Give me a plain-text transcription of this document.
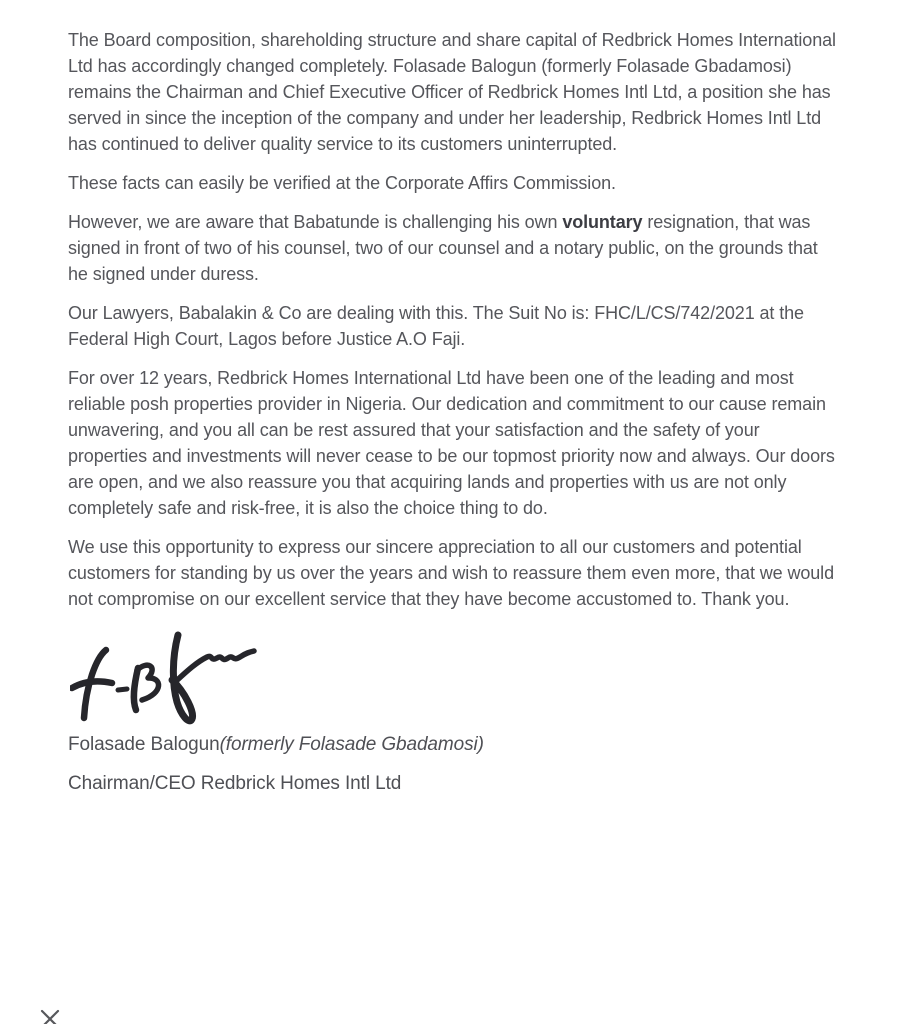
The Board composition, shareholding structure and share capital of Redbrick Homes International Ltd has accordingly changed completely. Folasade Balogun (formerly Folasade Gbadamosi) remains the Chairman and Chief Executive Officer of Redbrick Homes Intl Ltd, a position she has served in since the inception of the company and under her leadership, Redbrick Homes Intl Ltd has continued to deliver quality service to its customers uninterrupted.

These facts can easily be verified at the Corporate Affirs Commission.

However, we are aware that Babatunde is challenging his own voluntary resignation, that was signed in front of two of his counsel, two of our counsel and a notary public, on the grounds that he signed under duress.

Our Lawyers, Babalakin & Co are dealing with this. The Suit No is: FHC/L/CS/742/2021 at the Federal High Court, Lagos before Justice A.O Faji.

For over 12 years, Redbrick Homes International Ltd have been one of the leading and most reliable posh properties provider in Nigeria. Our dedication and commitment to our cause remain unwavering, and you all can be rest assured that your satisfaction and the safety of your properties and investments will never cease to be our topmost priority now and always. Our doors are open, and we also reassure you that acquiring lands and properties with us are not only completely safe and risk-free, it is also the choice thing to do.

We use this opportunity to express our sincere appreciation to all our customers and potential customers for standing by us over the years and wish to reassure them even more, that we would not compromise on our excellent service that they have become accustomed to. Thank you.

Folasade Balogun(formerly Folasade Gbadamosi)

Chairman/CEO Redbrick Homes Intl Ltd
